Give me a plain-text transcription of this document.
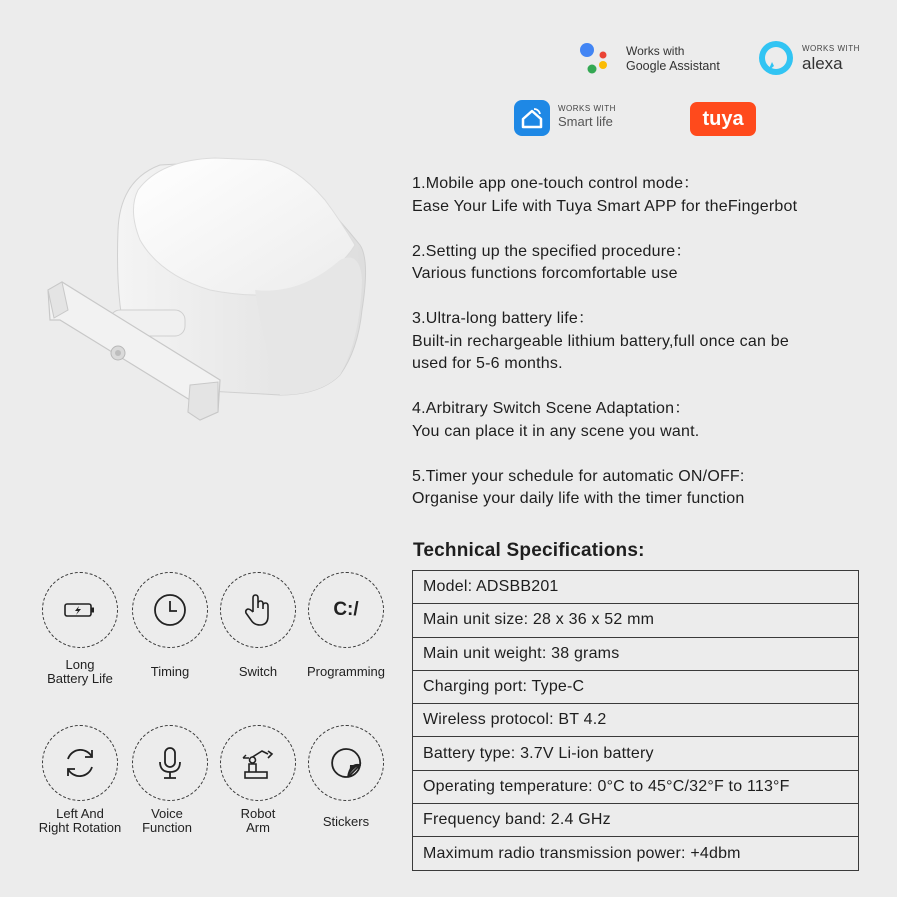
Works with
Google Assistant
WORKS WITH
alexa
WORKS WITH
Smart life	tuya
1.Mobile app one-touch control mode：
Ease Your Life with Tuya Smart APP for theFingerbot
2.Setting up the specified procedure：
Various functions forcomfortable use
3.Ultra-long battery life：
Built-in rechargeable lithium battery,full once can be
used for 5-6 months.
4.Arbitrary Switch Scene Adaptation：
You can place it in any scene you want.
5.Timer your schedule for automatic ON/OFF:
Organise your daily life with the timer function
Technical Specifications:
Model: ADSBB201
Main unit size: 28 x 36 x 52 mm
Main unit weight: 38 grams
Charging port: Type-C
Wireless protocol: BT 4.2
Battery type: 3.7V Li-ion battery
Operating temperature: 0°C to 45°C/32°F to 113°F
Frequency band: 2.4 GHz
Maximum radio transmission power: +4dbm
Long
Battery Life	Timing	Switch
C:/
Programming
Left And
Right Rotation
Voice
Function
Robot
Arm	Stickers
